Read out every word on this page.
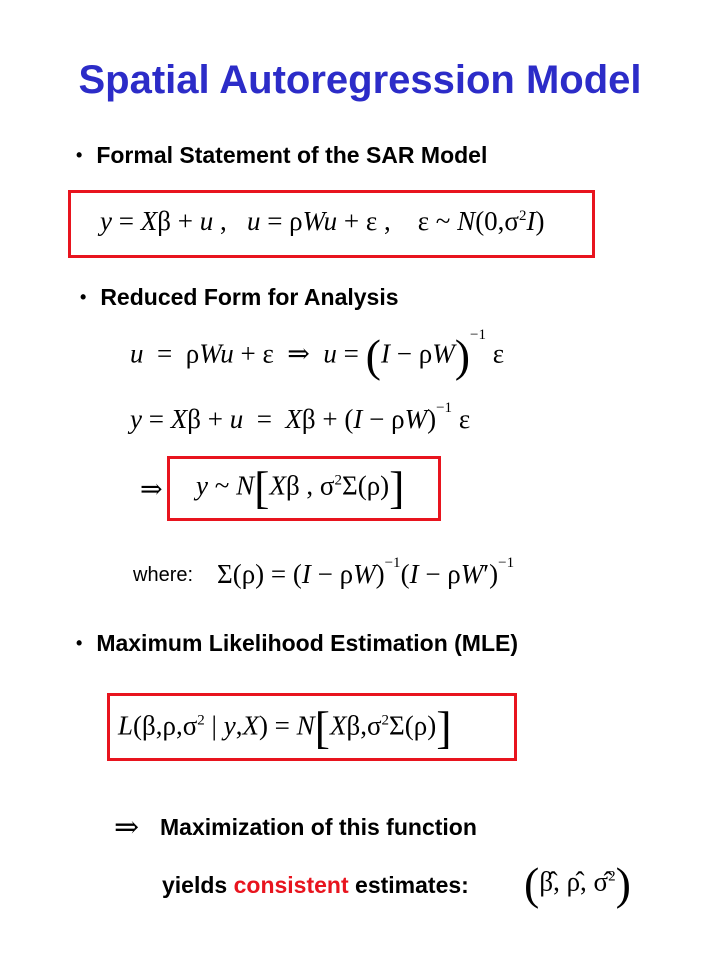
Spatial Autoregression Model
• Formal Statement of the SAR Model
y = Xβ + u ,   u = ρWu + ε ,    ε ~ $N(0,\sigma^2I)$
• Reduced Form for Analysis
u  =  ρWu + ε  ⇒  $u = (I - \rho W)^{-1}$ ε
$y = X\beta + u = X\beta + (I - \rho W)^{-1}$ ε
⇒ y ~ N[Xβ , $\sigma^2\Sigma(\rho)$]
where: $\Sigma(\rho) = (I - \rho W)^{-1}(I - \rho W')^{-1}$
• Maximum Likelihood Estimation (MLE)
$L(\beta,\rho,\sigma^2$ | $y,X) = N[X\beta,\sigma^2\Sigma(\rho)]$
⇒ Maximization of this function
yields consistent estimates: (β̂, ρ̂, σ̂$^2$)
